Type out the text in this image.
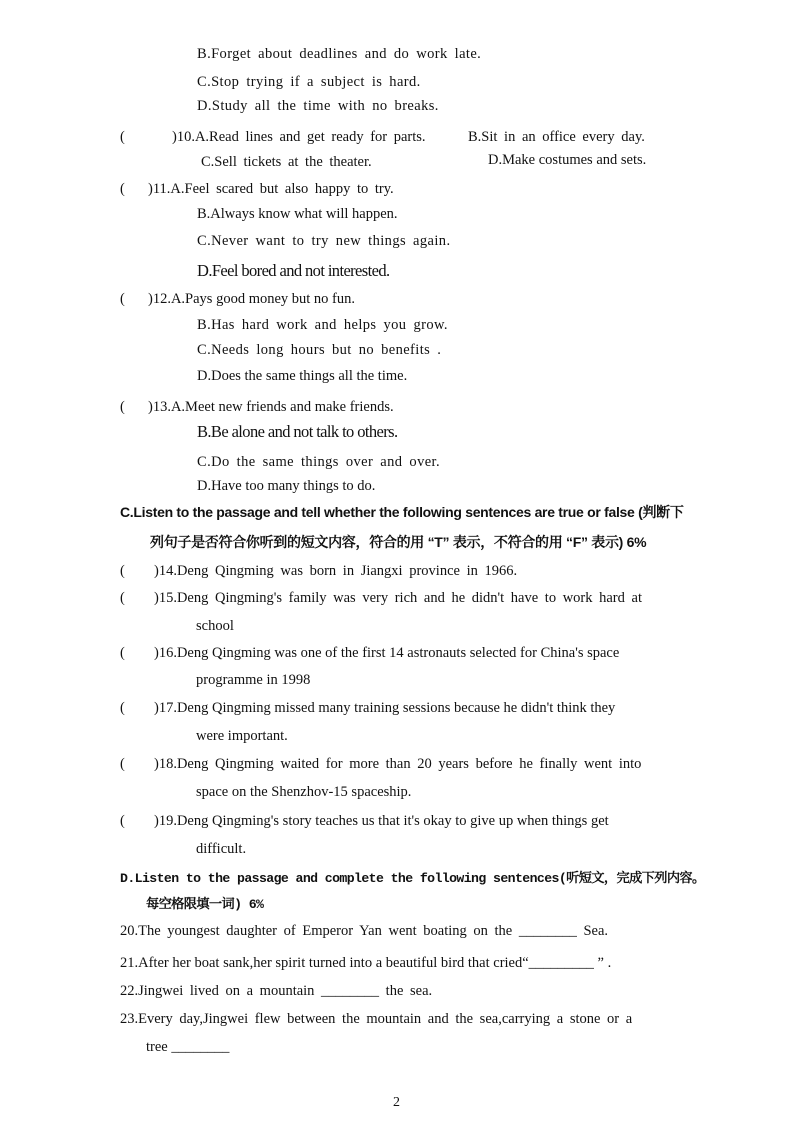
B.Forget about deadlines and do work late.
C.Stop trying if a subject is hard.
D.Study all the time with no breaks.
(	)10.A.Read lines and get ready for parts.	B.Sit in an office every day.
C.Sell tickets at the theater.	D.Make costumes and sets.
( )11.A.Feel scared but also happy to try.
B.Always know what will happen.
C.Never want to try new things again.
D.Feel bored and not interested.
( )12.A.Pays good money but no fun.
B.Has hard work and helps you grow.
C.Needs long hours but no benefits .
D.Does the same things all the time.
( )13.A.Meet new friends and make friends.
B.Be alone and not talk to others.
C.Do the same things over and over.
D.Have too many things to do.
C.Listen to the passage and tell whether the following sentences are true or false (判断下
列句子是否符合你听到的短文内容，符合的用 “T” 表示，不符合的用 “F” 表示) 6%
( )14.Deng Qingming was born in Jiangxi province in 1966.
( )15.Deng Qingming's family was very rich and he didn't have to work hard at
school
( )16.Deng Qingming was one of the first 14 astronauts selected for China's space
programme in 1998
( )17.Deng Qingming missed many training sessions because he didn't think they
were important.
( )18.Deng Qingming waited for more than 20 years before he finally went into
space on the Shenzhov-15 spaceship.
( )19.Deng Qingming's story teaches us that it's okay to give up when things get
difficult.
D.Listen to the passage and complete the following sentences(听短文，完成下列内容。
每空格限填一词) 6%
20.The youngest daughter of Emperor Yan went boating on the ________ Sea.
21.After her boat sank,her spirit turned into a beautiful bird that cried“_________ ” .
22.Jingwei lived on a mountain ________ the sea.
23.Every day,Jingwei flew between the mountain and the sea,carrying a stone or a
tree ________
2
